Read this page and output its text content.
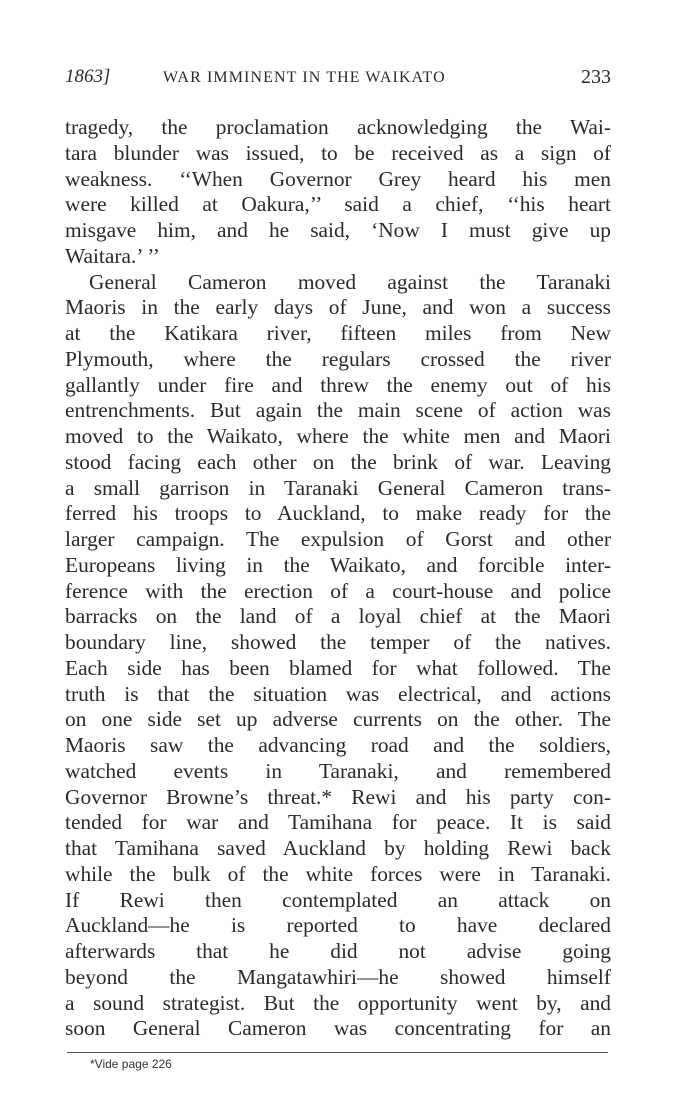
1863]	WAR IMMINENT IN THE WAIKATO	233
tragedy, the proclamation acknowledging the Wai-
tara blunder was issued, to be received as a sign of
weakness. ‘‘When Governor Grey heard his men
were killed at Oakura,’’ said a chief, ‘‘his heart
misgave him, and he said, ‘Now I must give up
Waitara.’ ’’
General Cameron moved against the Taranaki
Maoris in the early days of June, and won a success
at the Katikara river, fifteen miles from New
Plymouth, where the regulars crossed the river
gallantly under fire and threw the enemy out of his
entrenchments. But again the main scene of action was
moved to the Waikato, where the white men and Maori
stood facing each other on the brink of war. Leaving
a small garrison in Taranaki General Cameron trans-
ferred his troops to Auckland, to make ready for the
larger campaign. The expulsion of Gorst and other
Europeans living in the Waikato, and forcible inter-
ference with the erection of a court-house and police
barracks on the land of a loyal chief at the Maori
boundary line, showed the temper of the natives.
Each side has been blamed for what followed. The
truth is that the situation was electrical, and actions
on one side set up adverse currents on the other. The
Maoris saw the advancing road and the soldiers,
watched events in Taranaki, and remembered
Governor Browne’s threat.* Rewi and his party con-
tended for war and Tamihana for peace. It is said
that Tamihana saved Auckland by holding Rewi back
while the bulk of the white forces were in Taranaki.
If Rewi then contemplated an attack on
Auckland—he is reported to have declared
afterwards that he did not advise going
beyond the Mangatawhiri—he showed himself
a sound strategist. But the opportunity went by, and
soon General Cameron was concentrating for an
*Vide page 226
